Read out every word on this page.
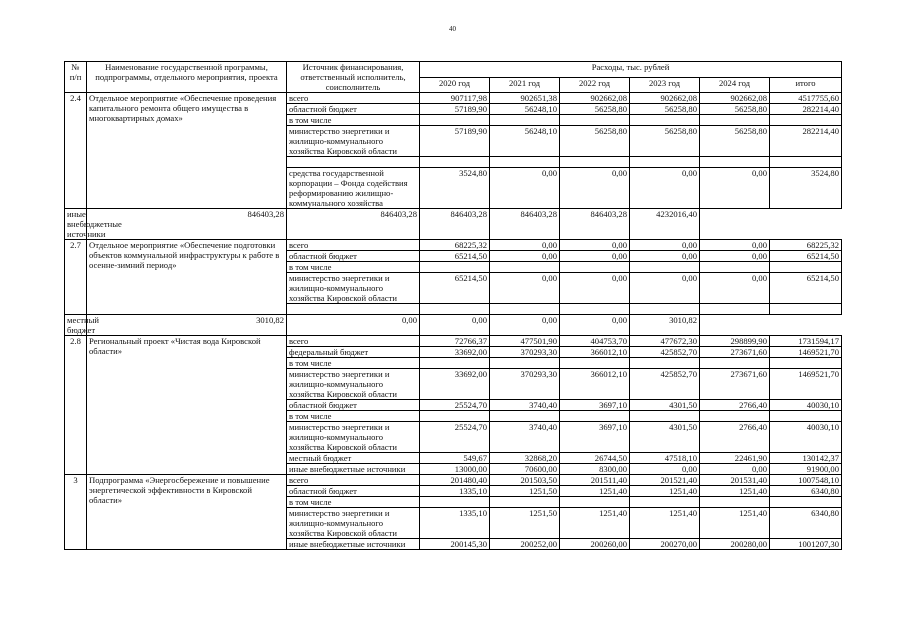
40
№ п/п	Наименование государственной программы, подпрограммы, отдельного мероприятия, проекта	Источник финансирования, ответственный исполнитель, соисполнитель	Расходы, тыс. рублей					
			2020 год	2021 год	2022 год	2023 год	2024 год	итого
2.4	Отдельное мероприятие «Обеспечение проведения капитального ремонта общего имущества в многоквартирных домах»	всего	907117,98	902651,38	902662,08	902662,08	902662,08	4517755,60
		областной бюджет	57189,90	56248,10	56258,80	56258,80	56258,80	282214,40
		в том числе						
		министерство энергетики и жилищно-коммунального хозяйства Кировской области	57189,90	56248,10	56258,80	56258,80	56258,80	282214,40

		средства государственной корпорации – Фонда содействия реформированию жилищно-коммунального хозяйства	3524,80	0,00	0,00	0,00	0,00	3524,80
иные внебюджетные источники	846403,28	846403,28	846403,28	846403,28	846403,28	4232016,40		
2.7	Отдельное мероприятие «Обеспечение подготовки объектов коммунальной инфраструктуры к работе в осенне-зимний период»	всего	68225,32	0,00	0,00	0,00	0,00	68225,32
		областной бюджет	65214,50	0,00	0,00	0,00	0,00	65214,50
		в том числе						
		министерство энергетики и жилищно-коммунального хозяйства Кировской области	65214,50	0,00	0,00	0,00	0,00	65214,50

местный бюджет	3010,82	0,00	0,00	0,00	0,00	3010,82		
2.8	Региональный проект «Чистая вода Кировской области»	всего	72766,37	477501,90	404753,70	477672,30	298899,90	1731594,17
		федеральный бюджет	33692,00	370293,30	366012,10	425852,70	273671,60	1469521,70
		в том числе						
		министерство энергетики и жилищно-коммунального хозяйства Кировской области	33692,00	370293,30	366012,10	425852,70	273671,60	1469521,70
		областной бюджет	25524,70	3740,40	3697,10	4301,50	2766,40	40030,10
		в том числе						
		министерство энергетики и жилищно-коммунального хозяйства Кировской области	25524,70	3740,40	3697,10	4301,50	2766,40	40030,10
		местный бюджет	549,67	32868,20	26744,50	47518,10	22461,90	130142,37
		иные внебюджетные источники	13000,00	70600,00	8300,00	0,00	0,00	91900,00
3	Подпрограмма «Энергосбережение и повышение энергетической эффективности в Кировской области»	всего	201480,40	201503,50	201511,40	201521,40	201531,40	1007548,10
		областной бюджет	1335,10	1251,50	1251,40	1251,40	1251,40	6340,80
		в том числе						
		министерство энергетики и жилищно-коммунального хозяйства Кировской области	1335,10	1251,50	1251,40	1251,40	1251,40	6340,80
		иные внебюджетные источники	200145,30	200252,00	200260,00	200270,00	200280,00	1001207,30
